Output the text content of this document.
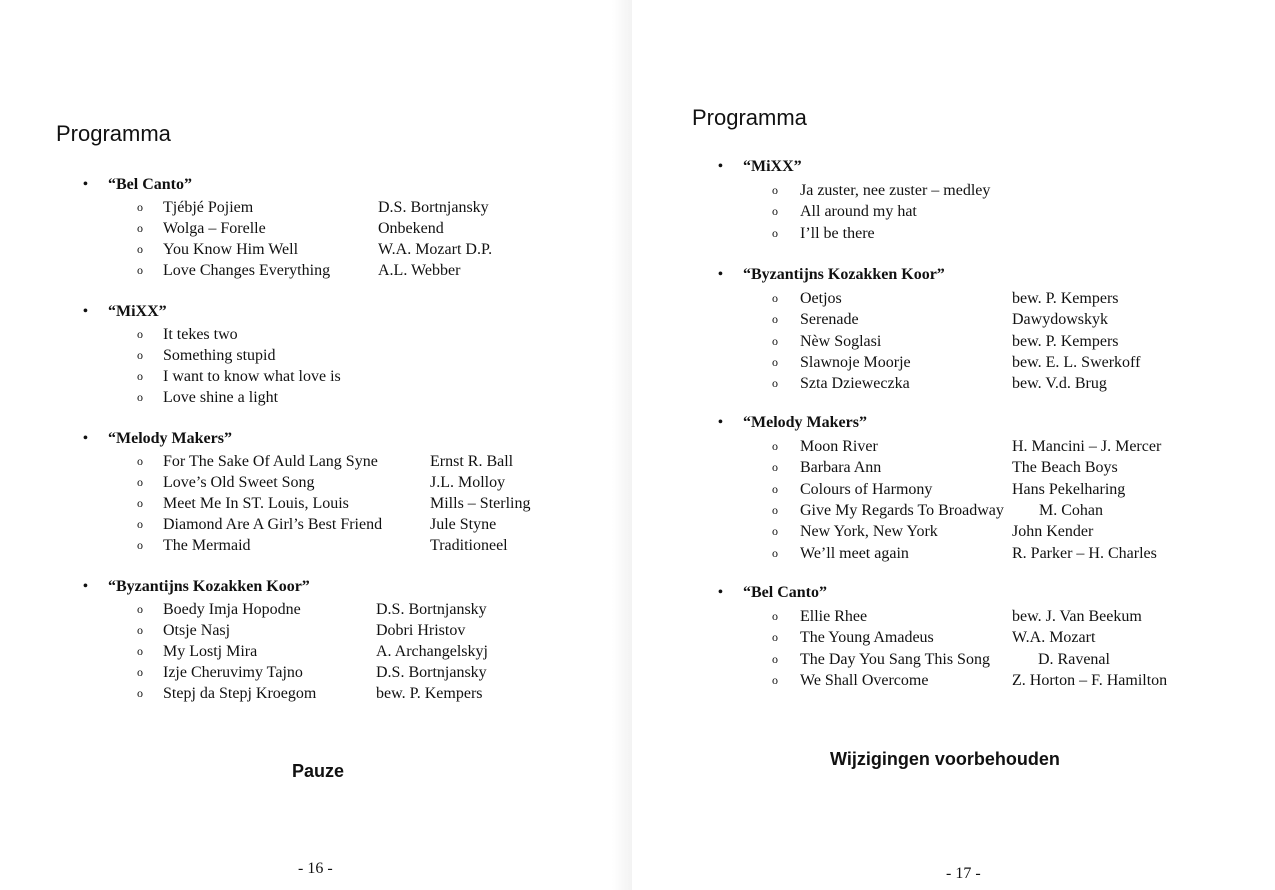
Programma
• “Bel Canto”
o Tjébjé Pojiem	D.S. Bortnjansky
o Wolga – Forelle	Onbekend
o You Know Him Well	W.A. Mozart D.P.
o Love Changes Everything	A.L. Webber
• “MiXX”
o It tekes two
o Something stupid
o I want to know what love is
o Love shine a light
• “Melody Makers”
o For The Sake Of Auld Lang Syne	Ernst R. Ball
o Love’s Old Sweet Song	J.L. Molloy
o Meet Me In ST. Louis, Louis	Mills – Sterling
o Diamond Are A Girl’s Best Friend	Jule Styne
o The Mermaid	Traditioneel
• “Byzantijns Kozakken Koor”
o Boedy Imja Hopodne	D.S. Bortnjansky
o Otsje Nasj	Dobri Hristov
o My Lostj Mira	A. Archangelskyj
o Izje Cheruvimy Tajno	D.S. Bortnjansky
o Stepj da Stepj Kroegom	bew. P. Kempers
Pauze
- 16 -
Programma
• “MiXX”
o Ja zuster, nee zuster – medley
o All around my hat
o I’ll be there
• “Byzantijns Kozakken Koor”
o Oetjos	bew. P. Kempers
o Serenade	Dawydowskyk
o Nèw Soglasi	bew. P. Kempers
o Slawnoje Moorje	bew. E. L. Swerkoff
o Szta Dzieweczka	bew. V.d. Brug
• “Melody Makers”
o Moon River	H. Mancini – J. Mercer
o Barbara Ann	The Beach Boys
o Colours of Harmony	Hans Pekelharing
o Give My Regards To Broadway M. Cohan
o New York, New York	John Kender
o We’ll meet again	R. Parker – H. Charles
• “Bel Canto”
o Ellie Rhee	bew. J. Van Beekum
o The Young Amadeus	W.A. Mozart
o The Day You Sang This Song	D. Ravenal
o We Shall Overcome	Z. Horton – F. Hamilton
Wijzigingen voorbehouden
- 17 -
